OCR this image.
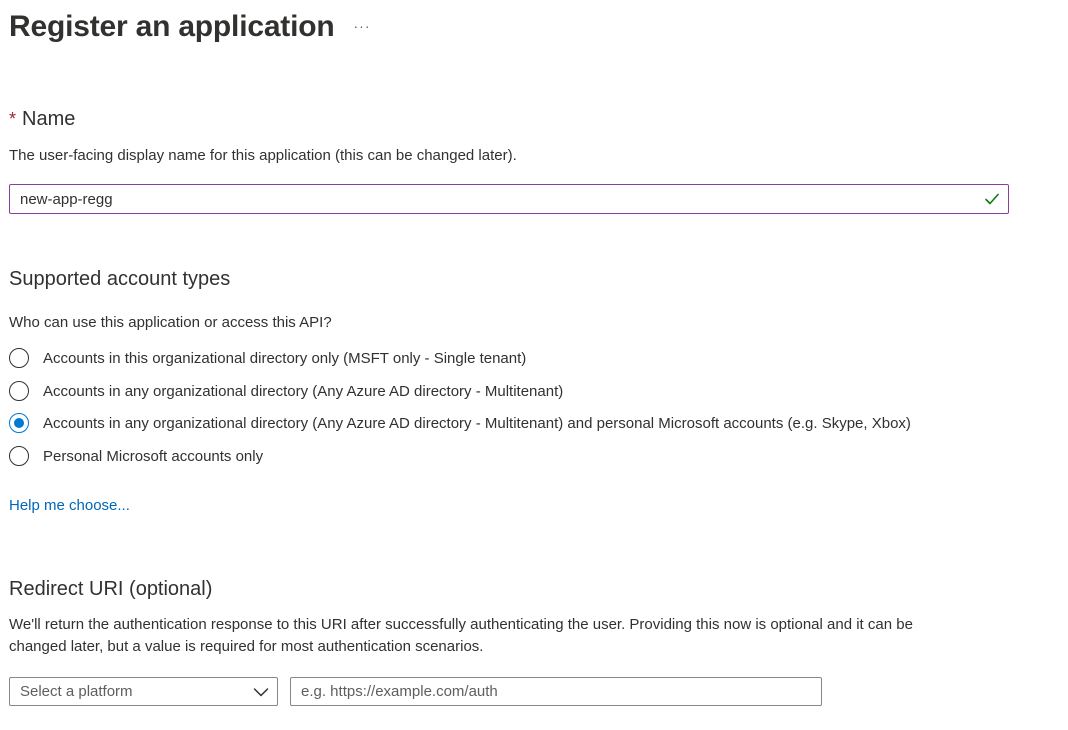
Register an application ···
* Name
The user-facing display name for this application (this can be changed later).
new-app-regg
Supported account types
Who can use this application or access this API?
Accounts in this organizational directory only (MSFT only - Single tenant)
Accounts in any organizational directory (Any Azure AD directory - Multitenant)
Accounts in any organizational directory (Any Azure AD directory - Multitenant) and personal Microsoft accounts (e.g. Skype, Xbox)
Personal Microsoft accounts only
Help me choose...
Redirect URI (optional)
We'll return the authentication response to this URI after successfully authenticating the user. Providing this now is optional and it can be
changed later, but a value is required for most authentication scenarios.
Select a platform
e.g. https://example.com/auth
